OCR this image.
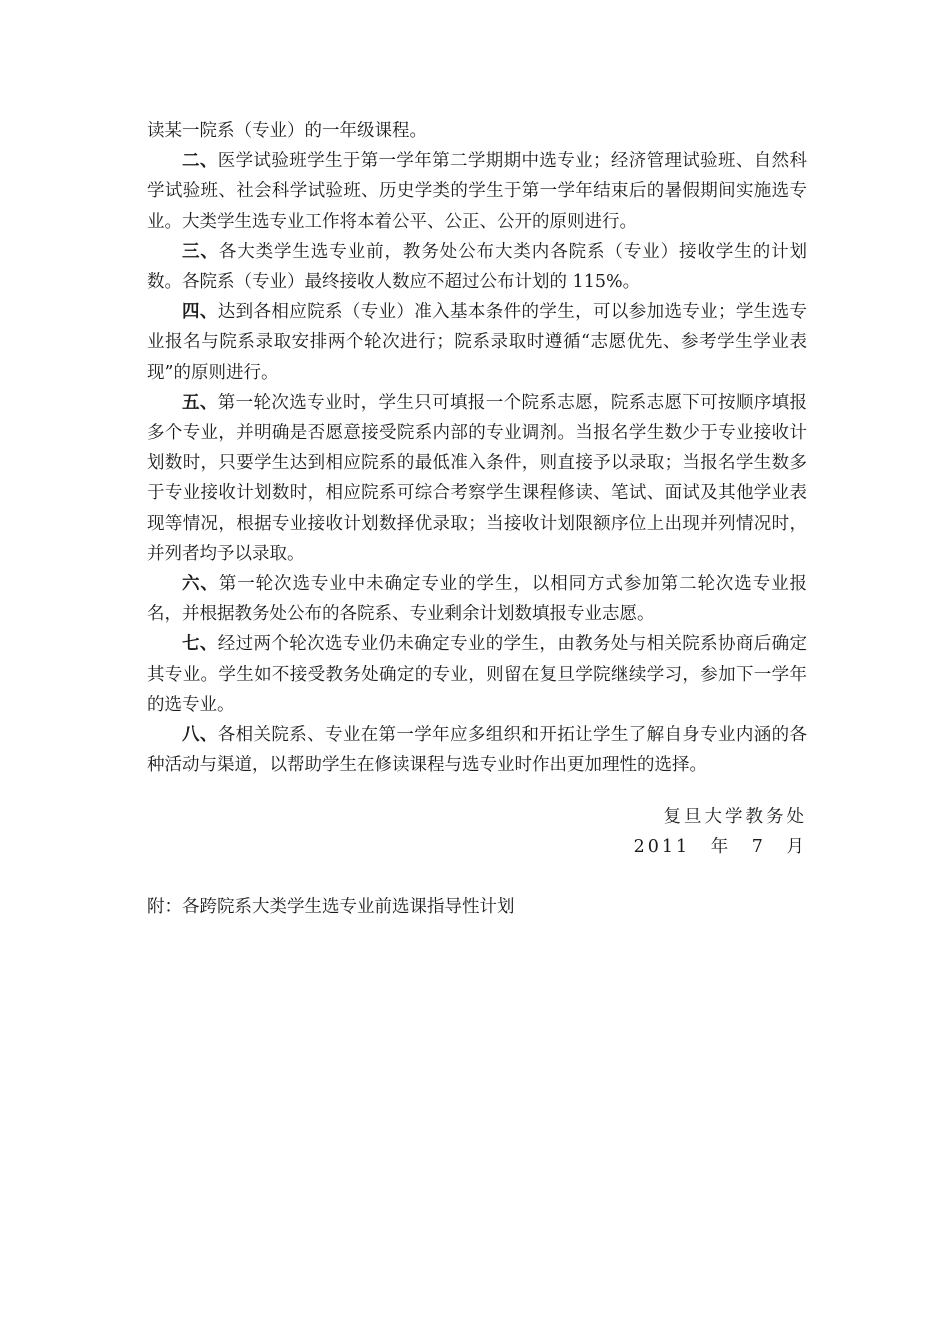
读某一院系（专业）的一年级课程。

二、医学试验班学生于第一学年第二学期期中选专业；经济管理试验班、自然科学试验班、社会科学试验班、历史学类的学生于第一学年结束后的暑假期间实施选专业。大类学生选专业工作将本着公平、公正、公开的原则进行。

三、各大类学生选专业前，教务处公布大类内各院系（专业）接收学生的计划数。各院系（专业）最终接收人数应不超过公布计划的 115%。

四、达到各相应院系（专业）准入基本条件的学生，可以参加选专业；学生选专业报名与院系录取安排两个轮次进行；院系录取时遵循“志愿优先、参考学生学业表现”的原则进行。

五、第一轮次选专业时，学生只可填报一个院系志愿，院系志愿下可按顺序填报多个专业，并明确是否愿意接受院系内部的专业调剂。当报名学生数少于专业接收计划数时，只要学生达到相应院系的最低准入条件，则直接予以录取；当报名学生数多于专业接收计划数时，相应院系可综合考察学生课程修读、笔试、面试及其他学业表现等情况，根据专业接收计划数择优录取；当接收计划限额序位上出现并列情况时，并列者均予以录取。

六、第一轮次选专业中未确定专业的学生，以相同方式参加第二轮次选专业报名，并根据教务处公布的各院系、专业剩余计划数填报专业志愿。

七、经过两个轮次选专业仍未确定专业的学生，由教务处与相关院系协商后确定其专业。学生如不接受教务处确定的专业，则留在复旦学院继续学习，参加下一学年的选专业。

八、各相关院系、专业在第一学年应多组织和开拓让学生了解自身专业内涵的各种活动与渠道，以帮助学生在修读课程与选专业时作出更加理性的选择。

复旦大学教务处
2011 年 7 月
附：各跨院系大类学生选专业前选课指导性计划
